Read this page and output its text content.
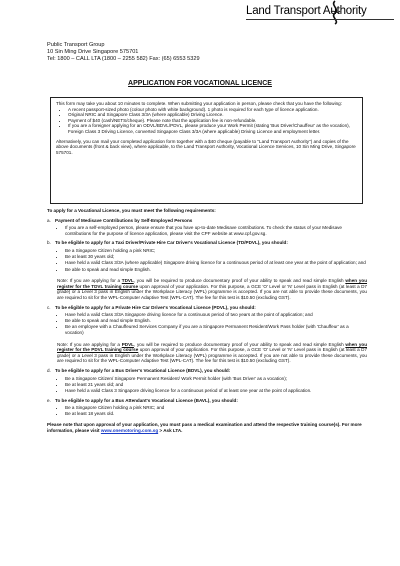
Land Transport Authority
Public Transport Group
10 Sin Ming Drive Singapore 575701
Tel: 1800 – CALL LTA (1800 – 2255 582) Fax: (65) 6553 5329
APPLICATION FOR VOCATIONAL LICENCE

This form may take you about 10 minutes to complete. When submitting your application in person, please check that you have the following:

• A recent passport-sized photo (colour photo with white background). 1 photo is required for each type of licence application.
• Original NRIC and Singapore Class 3/3A (where applicable) Driving Licence.
• Payment of $40 (cash/NETS/cheque). Please note that the application fee is non-refundable.
• If you are a foreigner applying for an ODVL/BDVL/PDVL, please produce your Work Permit (stating 'Bus Driver/Chauffeur' as the vocation), Foreign Class 3 Driving Licence, converted Singapore Class 3/3A (where applicable) Driving Licence and employment letter.

Alternatively, you can mail your completed application form together with a $40 cheque (payable to "Land Transport Authority") and copies of the above documents (front & back view), where applicable, to the Land Transport Authority, Vocational Licence Services, 10 Sin Ming Drive, Singapore 575701.

To apply for a Vocational Licence, you must meet the following requirements:
a. Payment of Medisave Contributions by Self-Employed Persons
• If you are a self-employed person, please ensure that you have up-to-date Medisave contributions. To check the status of your Medisave contributions for the purpose of licence application, please visit the CPF website at www.cpf.gov.sg.
b. To be eligible to apply for a Taxi Driver/Private Hire Car Driver's Vocational Licence (TD/PDVL), you should:
• Be a Singapore Citizen holding a pink NRIC;
• Be at least 30 years old;
• Have held a valid Class 3/3A (where applicable) Singapore driving licence for a continuous period of at least one year at the point of application; and
• Be able to speak and read simple English.
Note: If you are applying for a TDVL, you will be required to produce documentary proof of your ability to speak and read simple English when you register for the TDVL training course upon approval of your application. For this purpose, a GCE 'O' Level or 'N' Level pass in English (at least a D7 grade) or a Level 3 pass in English under the Workplace Literacy (WPL) programme is accepted. If you are not able to provide these documents, you are required to sit for the WPL-Computer Adaptive Test (WPL-CAT). The fee for this test is $10.50 (excluding GST).
c. To be eligible to apply for a Private Hire Car Driver's Vocational Licence (PDVL), you should:
• Have held a valid Class 3/3A Singapore driving licence for a continuous period of two years at the point of application; and
• Be able to speak and read simple English.
• Be an employee with a Chauffeured Services Company if you are a Singapore Permanent Resident/Work Pass holder (with 'Chauffeur' as a vocation)
Note: If you are applying for a PDVL, you will be required to produce documentary proof of your ability to speak and read simple English when you register for the PDVL training course upon approval of your application. For this purpose, a GCE 'O' Level or 'N' Level pass in English (at least a D7 grade) or a Level 3 pass in English under the Workplace Literacy (WPL) programme is accepted. If you are not able to provide these documents, you are required to sit for the WPL-Computer Adaptive Test (WPL-CAT). The fee for this test is $10.50 (excluding GST).
d. To be eligible to apply for a Bus Driver's Vocational Licence (BDVL), you should:
• Be a Singapore Citizen/ Singapore Permanent Resident/ Work Permit holder (with 'Bus Driver' as a vocation);
• Be at least 21 years old; and
• Have held a valid Class 3 Singapore driving licence for a continuous period of at least one year at the point of application.
e. To be eligible to apply for a Bus Attendant's Vocational Licence (BAVL), you should:
• Be a Singapore Citizen holding a pink NRIC; and
• Be at least 18 years old.
Please note that upon approval of your application, you must pass a medical examination and attend the respective training course(s). For more information, please visit www.onemotoring.com.sg > Ask LTA.
